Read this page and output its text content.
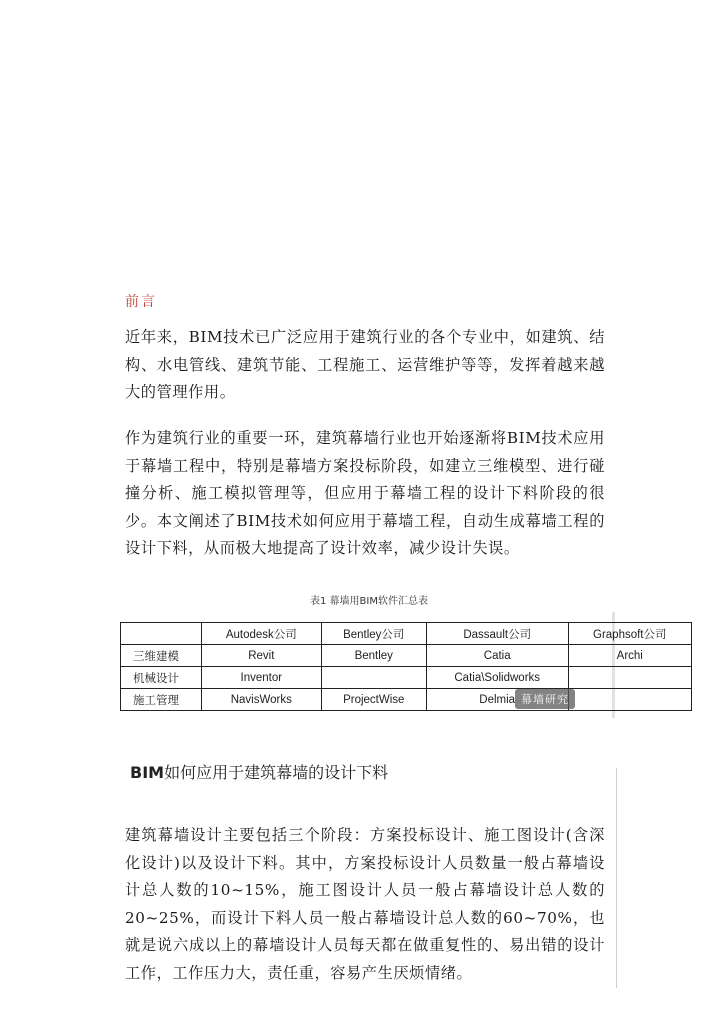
前言

近年来，BIM技术已广泛应用于建筑行业的各个专业中，如建筑、结构、水电管线、建筑节能、工程施工、运营维护等等，发挥着越来越大的管理作用。

作为建筑行业的重要一环，建筑幕墙行业也开始逐渐将BIM技术应用于幕墙工程中，特别是幕墙方案投标阶段，如建立三维模型、进行碰撞分析、施工模拟管理等，但应用于幕墙工程的设计下料阶段的很少。本文阐述了BIM技术如何应用于幕墙工程，自动生成幕墙工程的设计下料，从而极大地提高了设计效率，减少设计失误。

表1 幕墙用BIM软件汇总表
	Autodesk公司	Bentley公司	Dassault公司	Graphsoft公司
三维建模	Revit	Bentley	Catia	Archi
机械设计	Inventor		Catia\Solidworks	
施工管理	NavisWorks	ProjectWise	Delmia	幕墙研究
BIM如何应用于建筑幕墙的设计下料

建筑幕墙设计主要包括三个阶段：方案投标设计、施工图设计(含深化设计)以及设计下料。其中，方案投标设计人员数量一般占幕墙设计总人数的10~15%，施工图设计人员一般占幕墙设计总人数的20~25%，而设计下料人员一般占幕墙设计总人数的60~70%，也就是说六成以上的幕墙设计人员每天都在做重复性的、易出错的设计工作，工作压力大，责任重，容易产生厌烦情绪。
